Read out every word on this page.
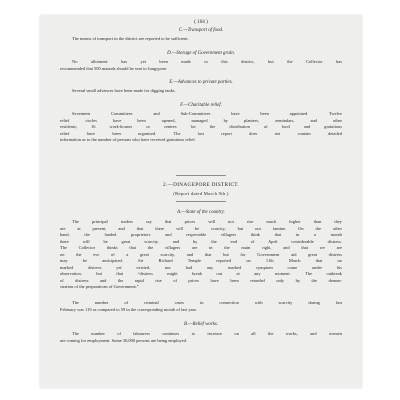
( 104 )
C.—Transport of food.
The means of transport in the district are reported to be sufficient.
D.—Storage of Government grain.
No allotment has yet been made to this district, but the Collector has
recommended that 500 maunds should be sent to Jungypore.
E.—Advances to private parties.
Several small advances have been made for digging tanks.
F.—Charitable relief.
Seventeen Committees and Sub-Committees have been appointed. Twelve
relief circles have been opened, managed by planters, zemindars, and other
residents; 16 work-houses or centres for the distribution of food and gratuitous
relief have been organised. The last report does not contain detailed
information as to the number of persons who have received gratuitous relief.
2.—DINAGEPORE DISTRICT.
(Report dated March 9th.)
A.—State of the country.
The principal traders say that prices will not rise much higher than they
are at present, and that there will be scarcity, but not famine. On the other
hand, the landed proprietors and respectable villagers think that in a month
there will be great scarcity, and by the end of April considerable distress.
The Collector thinks that the villagers are in the main right, and that we are
on the eve of a great scarcity, and that but for Government aid great distress
may be anticipated. Sir Richard Temple reported on 11th March that no
marked distress yet existed, nor had any marked symptom come under his
observation, but that “distress might break out at any moment. The outbreak
of distress and the rapid rise of prices have been retarded only by the demon-
stration of the preparations of Government.”
The number of criminal cases in connection with scarcity during last
February was 119 as compared to 59 in the corresponding month of last year.
B.—Relief works.
The number of labourers continues to increase on all the works, and women
are coming for employment. Some 30,000 persons are being employed.
